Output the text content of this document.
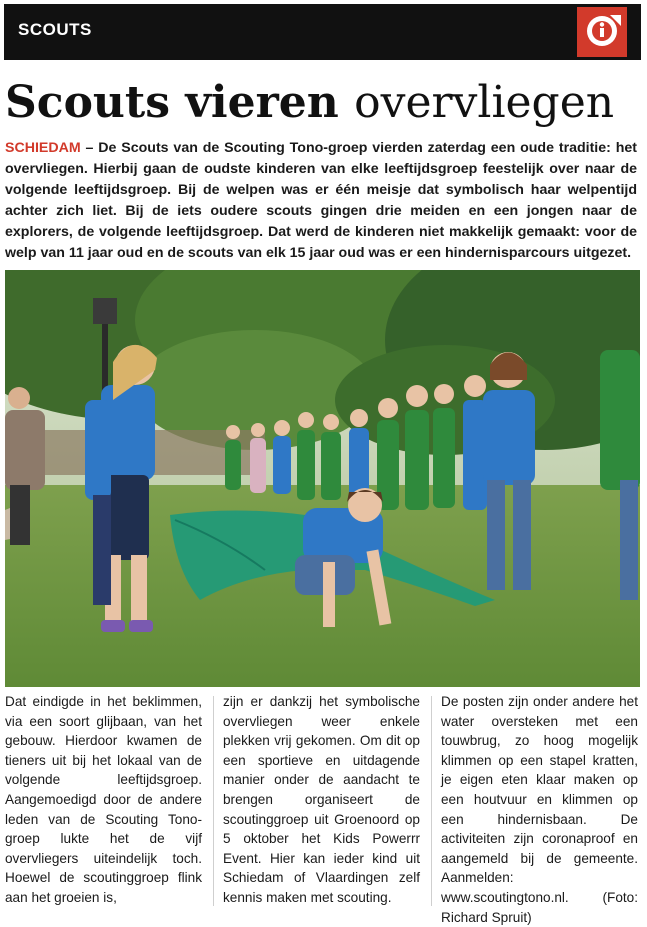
SCOUTS
Scouts vieren overvliegen
SCHIEDAM – De Scouts van de Scouting Tono-groep vierden zaterdag een oude traditie: het overvliegen. Hierbij gaan de oudste kinderen van elke leeftijdsgroep feestelijk over naar de volgende leeftijdsgroep. Bij de welpen was er één meisje dat symbolisch haar welpentijd achter zich liet. Bij de iets oudere scouts gingen drie meiden en een jongen naar de explorers, de volgende leeftijdsgroep. Dat werd de kinderen niet makkelijk gemaakt: voor de welp van 11 jaar oud en de scouts van elk 15 jaar oud was er een hindernisparcours uitgezet.
Dat eindigde in het beklimmen, via een soort glijbaan, van het gebouw. Hierdoor kwamen de tieners uit bij het lokaal van de volgende leeftijdsgroep. Aangemoedigd door de andere leden van de Scouting Tono-groep lukte het de vijf overvliegers uiteindelijk toch. Hoewel de scoutinggroep flink aan het groeien is,
zijn er dankzij het symbolische overvliegen weer enkele plekken vrij gekomen. Om dit op een sportieve en uitdagende manier onder de aandacht te brengen organiseert de scoutinggroep uit Groenoord op 5 oktober het Kids Powerrr Event. Hier kan ieder kind uit Schiedam of Vlaardingen zelf kennis maken met scouting.
De posten zijn onder andere het water oversteken met een touwbrug, zo hoog mogelijk klimmen op een stapel kratten, je eigen eten klaar maken op een houtvuur en klimmen op een hindernisbaan. De activiteiten zijn coronaproof en aangemeld bij de gemeente. Aanmelden: www.scoutingtono.nl. (Foto: Richard Spruit)
